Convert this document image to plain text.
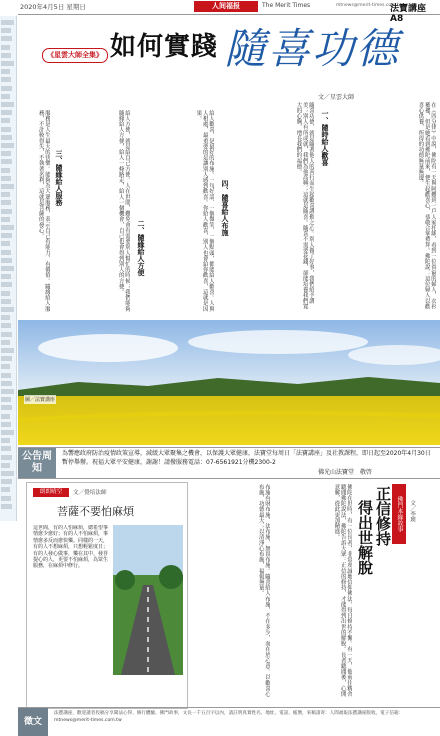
2020年4月5日 星期日	人间福报	The Merit Times	mtnews@merit-times.com.tw
法寶講座 A8
《星雲大師全集》 如何實踐 隨喜功德
文／星雲大師
在《四分律》中說，佛陀有一天與阿難到一戶人家托缽，看到一位貧窮的婦人，衣衫襤褸，但是她看到佛陀前來，便生起歡喜心，恭敬合掌禮拜。佛陀說：這位婦人以歡喜心供養，所得的功德無量無邊。
一、隨時給人歡喜
隨喜功德，就是隨著他人的善行而生起歡喜讚歎之心。別人做了好事，我們給予讚美；別人有所成就，我們為他高興；這就是隨喜。隨喜不需要花錢，卻能培養我們寬大的心胸，增長我們的福德。
四、隨喜給人布施
給人歡喜，是最好的布施。一句好話、一個微笑、一個點頭，都能給人歡喜。人與人相處，最重要的是讓別人感到歡喜。你給人歡喜，別人也會給你歡喜，這就是因果。
二、隨緣給人方便
給人方便，就是給自己方便。人在世間，難免會有需要別人幫忙的時候；我們能夠隨緣給人方便，給人一條路走，給人一個機會，自己也會得到別人的方便。
三、隨緣給人服務
服務是人生最大的快樂。能夠為大眾服務，表示自己有能力、有價值。隨緣給人服務，不計較得失，不執著名利，這就是菩薩的發心。
圖／法寶講座
公告周知
為響應政府防治疫情政策宣導，減緩大眾聚集之機會，以保護大眾健康，法寶堂每周日「法寶講座」及社教課程，即日起至2020年4月30日暫停舉辦。祝福大眾平安健康，謝謝！請撥服務電話：07-6561921分機2300-2
佛光山法寶堂　敬啓
朗朗晴空	文／覺培法師
菩薩不要怕麻煩
這世間，有的人怕麻煩，總希望事情愈少愈好；有的人不怕麻煩，事情愈多反而愈快樂。同樣的一天，有的人不想麻煩，只想輕鬆度日；有的人發心做事，樂在其中。發菩提心的人，更要不怕麻煩，為眾生服務，在麻煩中修行。	布施有財布施、法布施、無畏布施。隨喜給人布施，不在多少，而在於心意。以歡喜心布施，功德最大；以清淨心布施，福報無量。	佛陀在世時，有一位長者，非常虔誠地信仰佛法，每日修持不懈。有一天，他前往精舍聽聞佛陀說法，佛陀告訴大眾：正信的修持，才能得到出世的解脫。長者聽聞後，心開意解，從此更加精進。	佛門本緣故事
正信修持
得出世解脫	文／李瑛
徵文
法寶講座，歡迎讀者投稿分享聞法心得、修行體驗、佛門故事，文長一千五百字以內，請註明真實姓名、地址、電話、帳號，來稿請寄：人間福報法寶講座版收。電子信箱：mtnews@merit-times.com.tw
